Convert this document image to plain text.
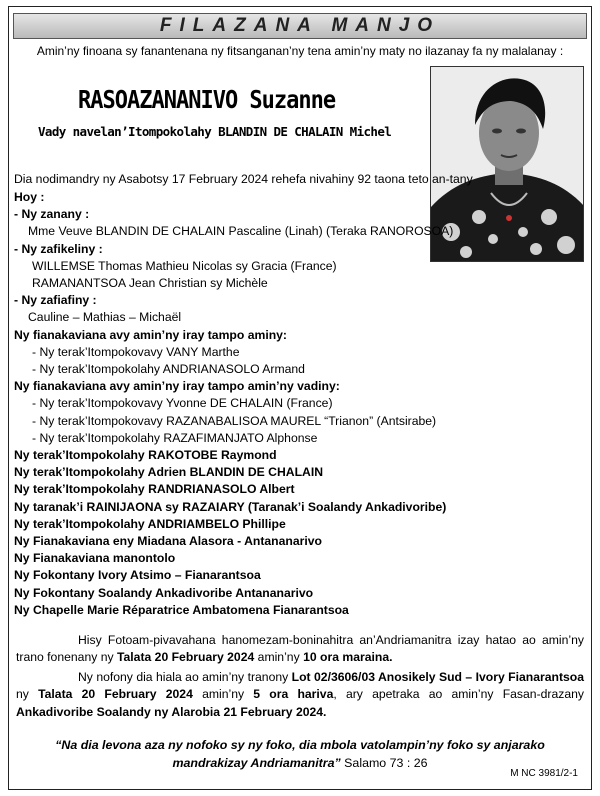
FILAZANA MANJO
Amin’ny finoana sy fanantenana ny fitsanganan’ny tena amin’ny maty no ilazanay fa ny malalanay :
RASOAZANANIVO Suzanne
Vady navelan’Itompokolahy BLANDIN DE CHALAIN Michel
Dia nodimandry ny Asabotsy 17 February 2024 rehefa nivahiny 92 taona teto an-tany
Hoy :
- Ny zanany :
Mme Veuve BLANDIN DE CHALAIN Pascaline (Linah) (Teraka RANOROSOA)
- Ny zafikeliny :
WILLEMSE Thomas Mathieu Nicolas sy Gracia (France)
RAMANANTSOA Jean Christian sy Michèle
- Ny zafiafiny :
Cauline – Mathias – Michaël
Ny fianakaviana avy amin’ny iray tampo aminy:
- Ny terak’Itompokovavy VANY Marthe
- Ny terak’Itompokolahy ANDRIANASOLO Armand
Ny fianakaviana avy amin’ny iray tampo amin’ny vadiny:
- Ny terak’Itompokovavy Yvonne DE CHALAIN (France)
- Ny terak’Itompokovavy RAZANABALISOA MAUREL “Trianon” (Antsirabe)
- Ny terak’Itompokolahy RAZAFIMANJATO Alphonse
Ny terak’Itompokolahy RAKOTOBE Raymond
Ny terak’Itompokolahy Adrien BLANDIN DE CHALAIN
Ny terak’Itompokolahy RANDRIANASOLO Albert
Ny taranak’i RAINIJAONA sy RAZAIARY (Taranak’i Soalandy Ankadivoribe)
Ny terak’Itompokolahy ANDRIAMBELO Phillipe
Ny Fianakaviana eny Miadana Alasora - Antananarivo
Ny Fianakaviana manontolo
Ny Fokontany Ivory Atsimo – Fianarantsoa
Ny Fokontany Soalandy Ankadivoribe Antananarivo
Ny Chapelle Marie Réparatrice Ambatomena Fianarantsoa
Hisy Fotoam-pivavahana hanomezam-boninahitra an’Andriamanitra izay hatao ao amin’ny trano fonenany ny Talata 20 February 2024 amin’ny 10 ora maraina.
Ny nofony dia hiala ao amin’ny tranony Lot 02/3606/03 Anosikely Sud – Ivory Fianarantsoa ny Talata 20 February 2024 amin’ny 5 ora hariva, ary apetraka ao amin’ny Fasan-drazany Ankadivoribe Soalandy ny Alarobia 21 February 2024.
“Na dia levona aza ny nofoko sy ny foko, dia mbola vatolampin’ny foko sy anjarako mandrakizay Andriamanitra” Salamo 73 : 26
M NC 3981/2-1
